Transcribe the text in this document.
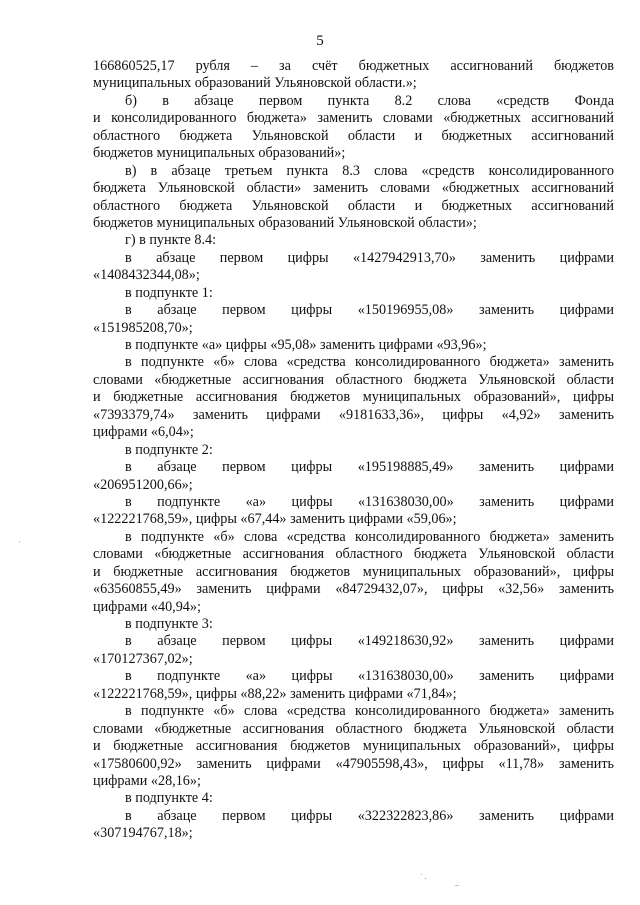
5
166860525,17 рубля – за счёт бюджетных ассигнований бюджетов
муниципальных образований Ульяновской области.»;
б) в абзаце первом пункта 8.2 слова «средств Фонда
и консолидированного бюджета» заменить словами «бюджетных ассигнований
областного бюджета Ульяновской области и бюджетных ассигнований
бюджетов муниципальных образований»;
в) в абзаце третьем пункта 8.3 слова «средств консолидированного
бюджета Ульяновской области» заменить словами «бюджетных ассигнований
областного бюджета Ульяновской области и бюджетных ассигнований
бюджетов муниципальных образований Ульяновской области»;
г) в пункте 8.4:
в абзаце первом цифры «1427942913,70» заменить цифрами
«1408432344,08»;
в подпункте 1:
в абзаце первом цифры «150196955,08» заменить цифрами
«151985208,70»;
в подпункте «а» цифры «95,08» заменить цифрами «93,96»;
в подпункте «б» слова «средства консолидированного бюджета» заменить
словами «бюджетные ассигнования областного бюджета Ульяновской области
и бюджетные ассигнования бюджетов муниципальных образований», цифры
«7393379,74» заменить цифрами «9181633,36», цифры «4,92» заменить
цифрами «6,04»;
в подпункте 2:
в абзаце первом цифры «195198885,49» заменить цифрами
«206951200,66»;
в подпункте «а» цифры «131638030,00» заменить цифрами
«122221768,59», цифры «67,44» заменить цифрами «59,06»;
в подпункте «б» слова «средства консолидированного бюджета» заменить
словами «бюджетные ассигнования областного бюджета Ульяновской области
и бюджетные ассигнования бюджетов муниципальных образований», цифры
«63560855,49» заменить цифрами «84729432,07», цифры «32,56» заменить
цифрами «40,94»;
в подпункте 3:
в абзаце первом цифры «149218630,92» заменить цифрами
«170127367,02»;
в подпункте «а» цифры «131638030,00» заменить цифрами
«122221768,59», цифры «88,22» заменить цифрами «71,84»;
в подпункте «б» слова «средства консолидированного бюджета» заменить
словами «бюджетные ассигнования областного бюджета Ульяновской области
и бюджетные ассигнования бюджетов муниципальных образований», цифры
«17580600,92» заменить цифрами «47905598,43», цифры «11,78» заменить
цифрами «28,16»;
в подпункте 4:
в абзаце первом цифры «322322823,86» заменить цифрами
«307194767,18»;
·
˙ .
–
